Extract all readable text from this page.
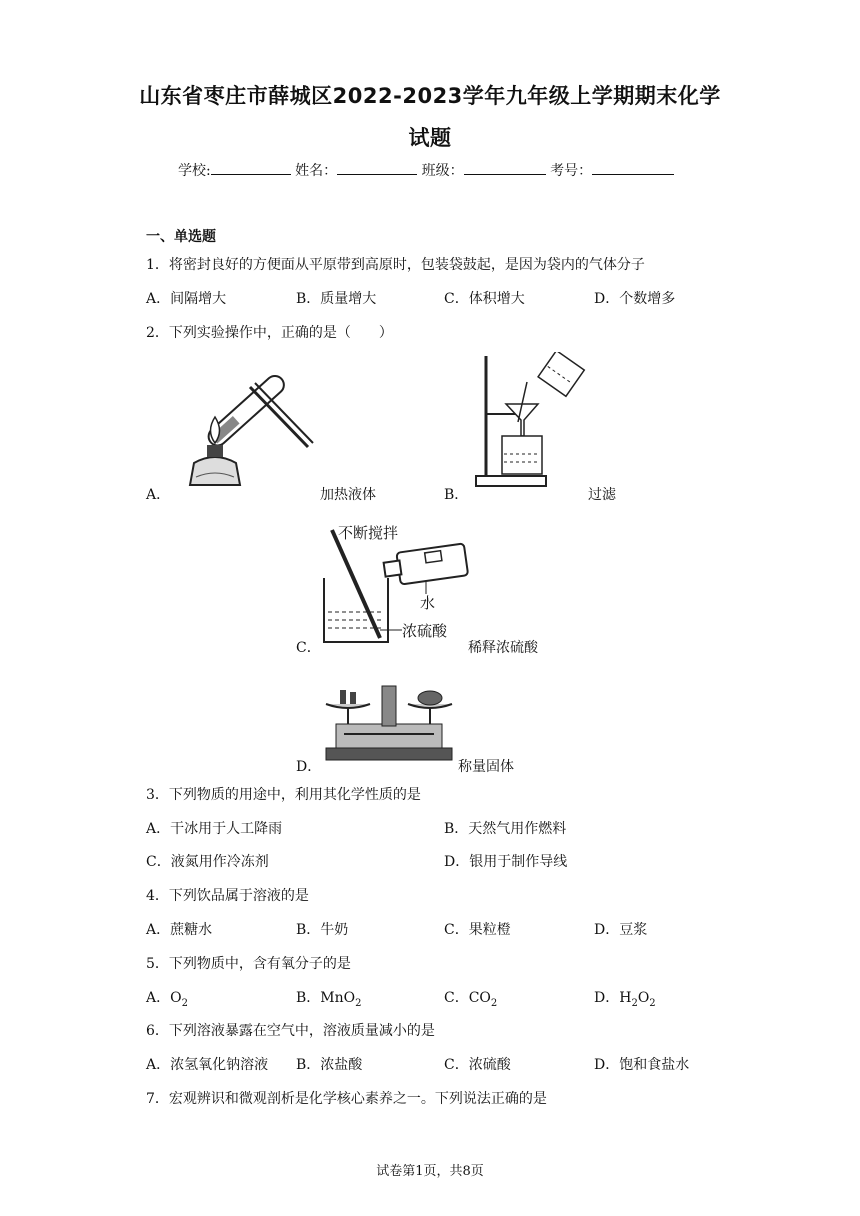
山东省枣庄市薛城区2022-2023学年九年级上学期期末化学
试题
学校:	姓名：	班级：	考号：
一、单选题
1．将密封良好的方便面从平原带到高原时，包装袋鼓起，是因为袋内的气体分子
A．间隔增大	B．质量增大	C．体积增大	D．个数增多
2．下列实验操作中，正确的是（　　）
A．	加热液体	B．	过滤
不断搅拌
水
浓硫酸
C．	稀释浓硫酸
D．	称量固体
3．下列物质的用途中，利用其化学性质的是
A．干冰用于人工降雨	B．天然气用作燃料
C．液氮用作冷冻剂	D．银用于制作导线
4．下列饮品属于溶液的是
A．蔗糖水	B．牛奶	C．果粒橙	D．豆浆
5．下列物质中，含有氧分子的是
A．$O_2$	B．MnO$_2$	C．$CO_2$	D．$H_2O_2$
6．下列溶液暴露在空气中，溶液质量减小的是
A．浓氢氧化钠溶液 B．浓盐酸	C．浓硫酸	D．饱和食盐水
7．宏观辨识和微观剖析是化学核心素养之一。下列说法正确的是
试卷第1页，共8页
